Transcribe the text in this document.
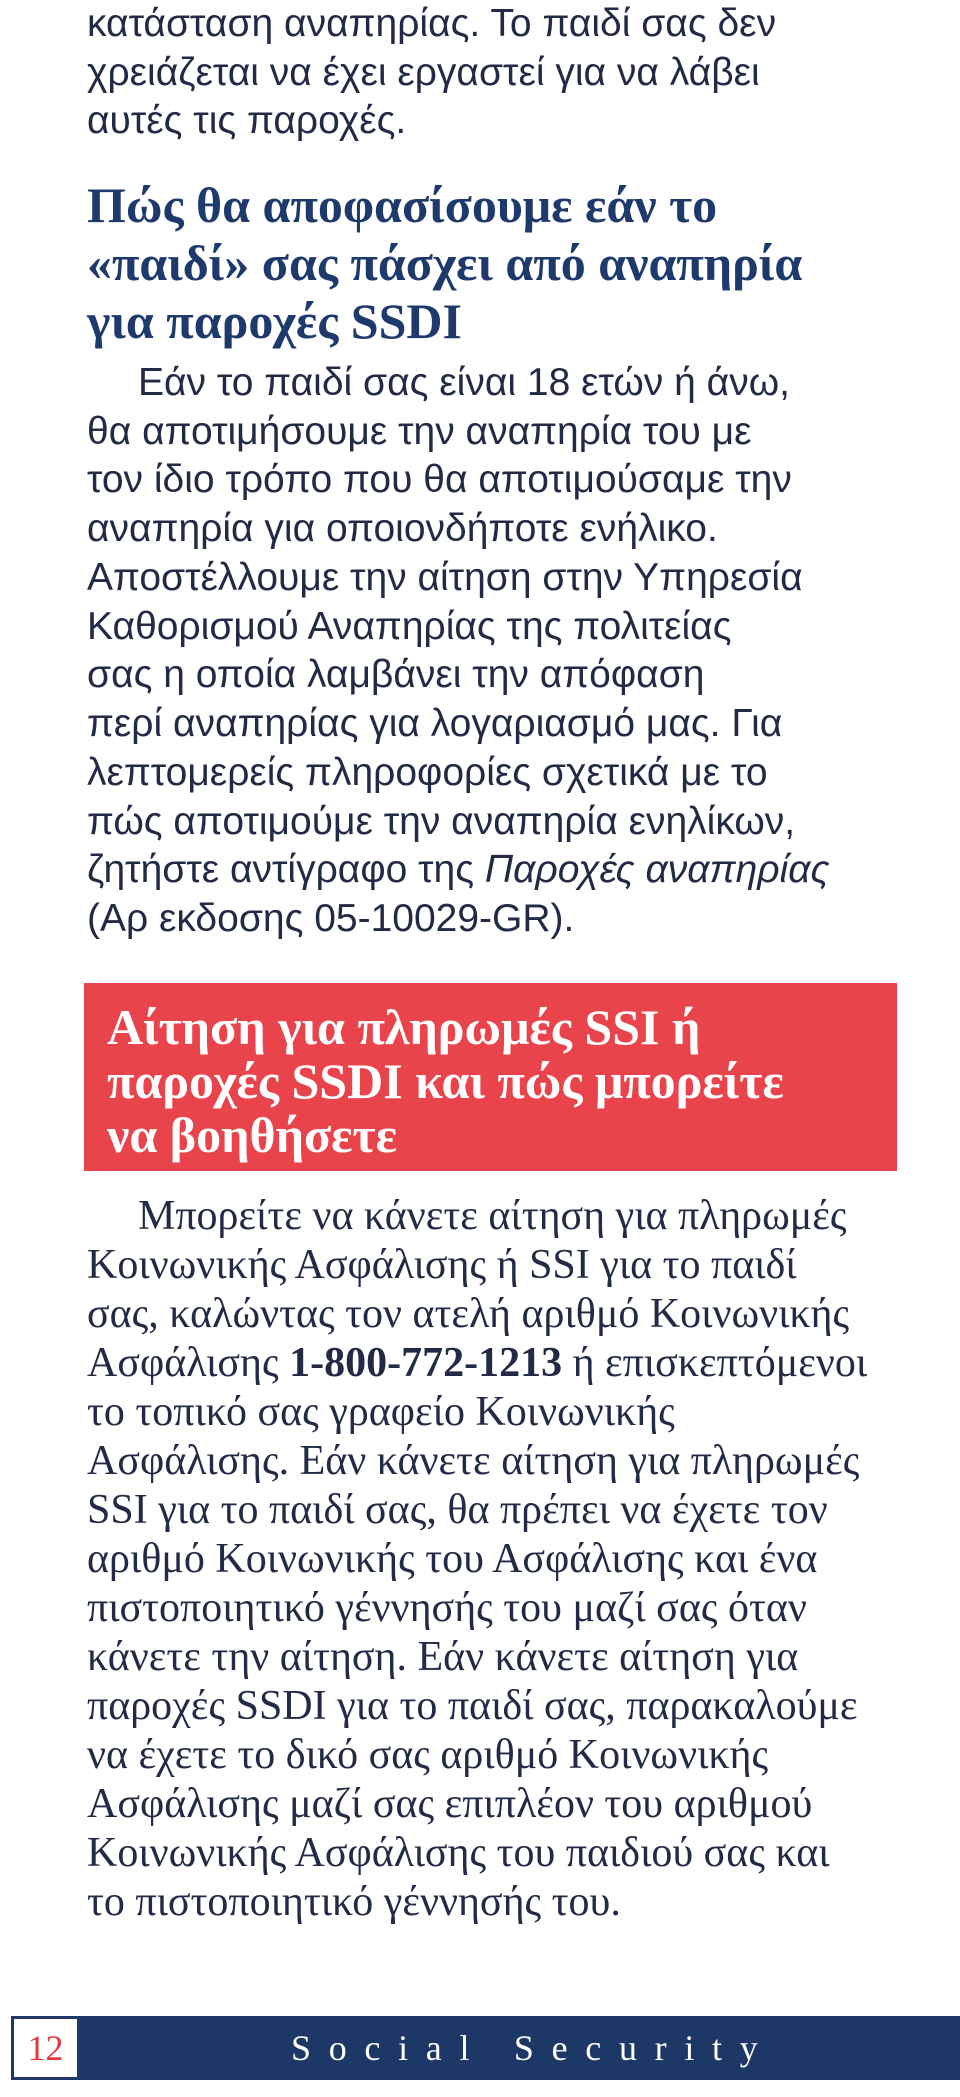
κατάσταση αναπηρίας. Το παιδί σας δεν
χρειάζεται να έχει εργαστεί για να λάβει
αυτές τις παροχές.
Πώς θα αποφασίσουμε εάν το
«παιδί» σας πάσχει από αναπηρία
για παροχές SSDI
Εάν το παιδί σας είναι 18 ετών ή άνω,
θα αποτιμήσουμε την αναπηρία του με
τον ίδιο τρόπο που θα αποτιμούσαμε την
αναπηρία για οποιονδήποτε ενήλικο.
Αποστέλλουμε την αίτηση στην Υπηρεσία
Καθορισμού Αναπηρίας της πολιτείας
σας η οποία λαμβάνει την απόφαση
περί αναπηρίας για λογαριασμό μας. Για
λεπτομερείς πληροφορίες σχετικά με το
πώς αποτιμούμε την αναπηρία ενηλίκων,
ζητήστε αντίγραφο της Παροχές αναπηρίας
(Αρ εκδοσης 05-10029-GR).
Αίτηση για πληρωμές SSI ή
παροχές SSDI και πώς μπορείτε
να βοηθήσετε
Μπορείτε να κάνετε αίτηση για πληρωμές
Κοινωνικής Ασφάλισης ή SSI για το παιδί
σας, καλώντας τον ατελή αριθμό Κοινωνικής
Ασφάλισης 1-800-772-1213 ή επισκεπτόμενοι
το τοπικό σας γραφείο Κοινωνικής
Ασφάλισης. Εάν κάνετε αίτηση για πληρωμές
SSI για το παιδί σας, θα πρέπει να έχετε τον
αριθμό Κοινωνικής του Ασφάλισης και ένα
πιστοποιητικό γέννησής του μαζί σας όταν
κάνετε την αίτηση. Εάν κάνετε αίτηση για
παροχές SSDI για το παιδί σας, παρακαλούμε
να έχετε το δικό σας αριθμό Κοινωνικής
Ασφάλισης μαζί σας επιπλέον του αριθμού
Κοινωνικής Ασφάλισης του παιδιού σας και
το πιστοποιητικό γέννησής του.
12	Social Security
